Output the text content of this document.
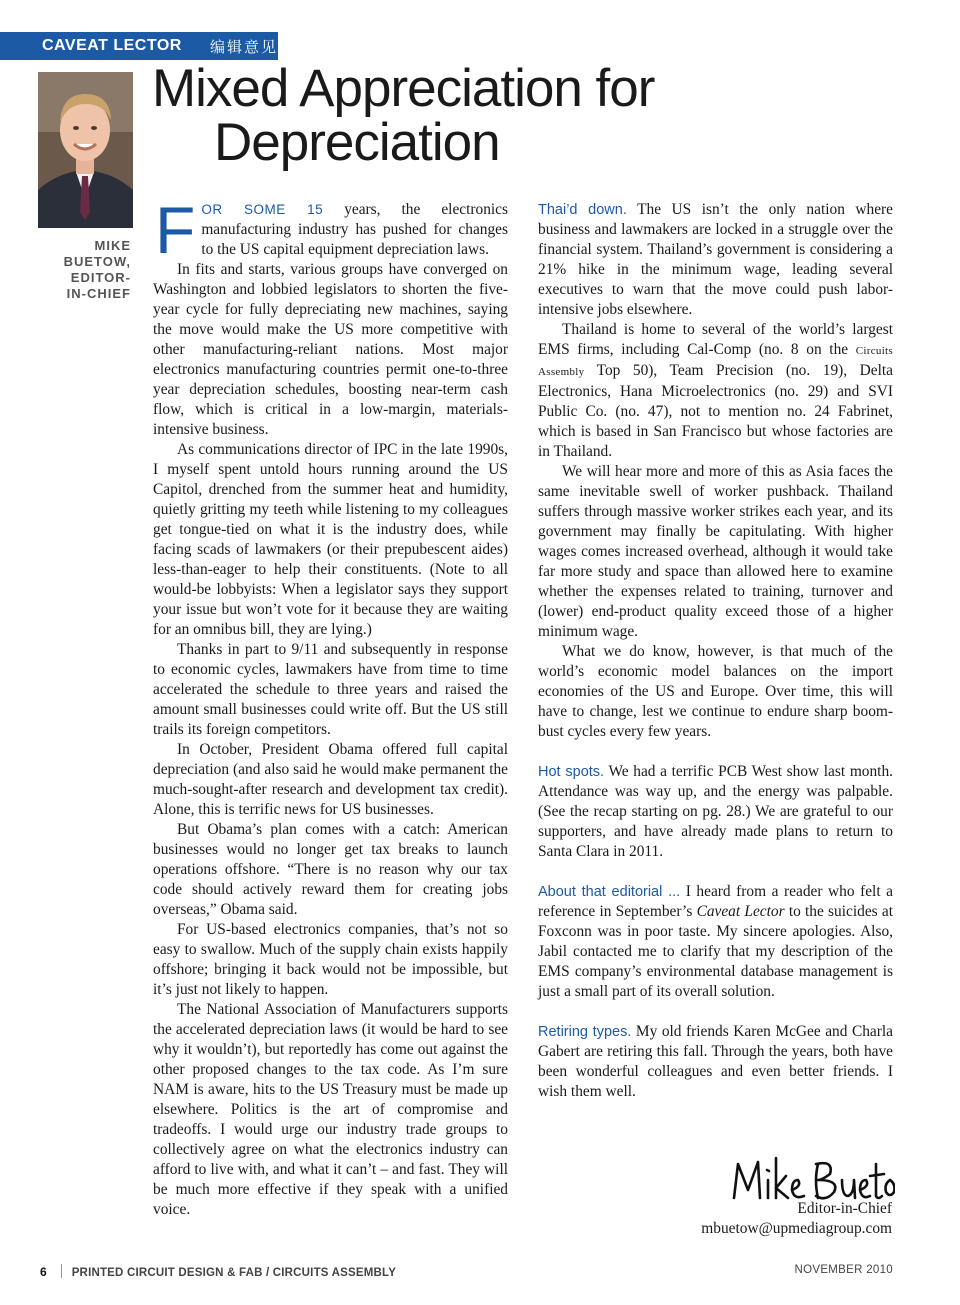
CAVEAT LECTOR 编辑意见
MIKE
BUETOW,
EDITOR-
IN-CHIEF
Mixed Appreciation for
Depreciation

FOR SOME 15 years, the electronics manufacturing industry has pushed for changes to the US capital equipment depreciation laws.

In fits and starts, various groups have converged on Washington and lobbied legislators to shorten the five-year cycle for fully depreciating new machines, saying the move would make the US more competitive with other manufacturing-reliant nations. Most major electronics manufacturing countries permit one-to-three year depreciation schedules, boosting near-term cash flow, which is critical in a low-margin, materials-intensive business.

As communications director of IPC in the late 1990s, I myself spent untold hours running around the US Capitol, drenched from the summer heat and humidity, quietly gritting my teeth while listening to my colleagues get tongue-tied on what it is the industry does, while facing scads of lawmakers (or their prepubescent aides) less-than-eager to help their constituents. (Note to all would-be lobbyists: When a legislator says they support your issue but won’t vote for it because they are waiting for an omnibus bill, they are lying.)

Thanks in part to 9/11 and subsequently in response to economic cycles, lawmakers have from time to time accelerated the schedule to three years and raised the amount small businesses could write off. But the US still trails its foreign competitors.

In October, President Obama offered full capital depreciation (and also said he would make permanent the much-sought-after research and development tax credit). Alone, this is terrific news for US businesses.

But Obama’s plan comes with a catch: American businesses would no longer get tax breaks to launch operations offshore. “There is no reason why our tax code should actively reward them for creating jobs overseas,” Obama said.

For US-based electronics companies, that’s not so easy to swallow. Much of the supply chain exists happily offshore; bringing it back would not be impossible, but it’s just not likely to happen.

The National Association of Manufacturers supports the accelerated depreciation laws (it would be hard to see why it wouldn’t), but reportedly has come out against the other proposed changes to the tax code. As I’m sure NAM is aware, hits to the US Treasury must be made up elsewhere. Politics is the art of compromise and tradeoffs. I would urge our industry trade groups to collectively agree on what the electronics industry can afford to live with, and what it can’t – and fast. They will be much more effective if they speak with a unified voice.

Thai’d down. The US isn’t the only nation where business and lawmakers are locked in a struggle over the financial system. Thailand’s government is considering a 21% hike in the minimum wage, leading several executives to warn that the move could push labor-intensive jobs elsewhere.

Thailand is home to several of the world’s largest EMS firms, including Cal-Comp (no. 8 on the Circuits Assembly Top 50), Team Precision (no. 19), Delta Electronics, Hana Microelectronics (no. 29) and SVI Public Co. (no. 47), not to mention no. 24 Fabrinet, which is based in San Francisco but whose factories are in Thailand.

We will hear more and more of this as Asia faces the same inevitable swell of worker pushback. Thailand suffers through massive worker strikes each year, and its government may finally be capitulating. With higher wages comes increased overhead, although it would take far more study and space than allowed here to examine whether the expenses related to training, turnover and (lower) end-product quality exceed those of a higher minimum wage.

What we do know, however, is that much of the world’s economic model balances on the import economies of the US and Europe. Over time, this will have to change, lest we continue to endure sharp boom-bust cycles every few years.

Hot spots. We had a terrific PCB West show last month. Attendance was way up, and the energy was palpable. (See the recap starting on pg. 28.) We are grateful to our supporters, and have already made plans to return to Santa Clara in 2011.

About that editorial ... I heard from a reader who felt a reference in September’s Caveat Lector to the suicides at Foxconn was in poor taste. My sincere apologies. Also, Jabil contacted me to clarify that my description of the EMS company’s environmental database management is just a small part of its overall solution.

Retiring types. My old friends Karen McGee and Charla Gabert are retiring this fall. Through the years, both have been wonderful colleagues and even better friends. I wish them well.

Editor-in-Chief
mbuetow@upmediagroup.com
6 PRINTED CIRCUIT DESIGN & FAB / CIRCUITS ASSEMBLY	NOVEMBER 2010
